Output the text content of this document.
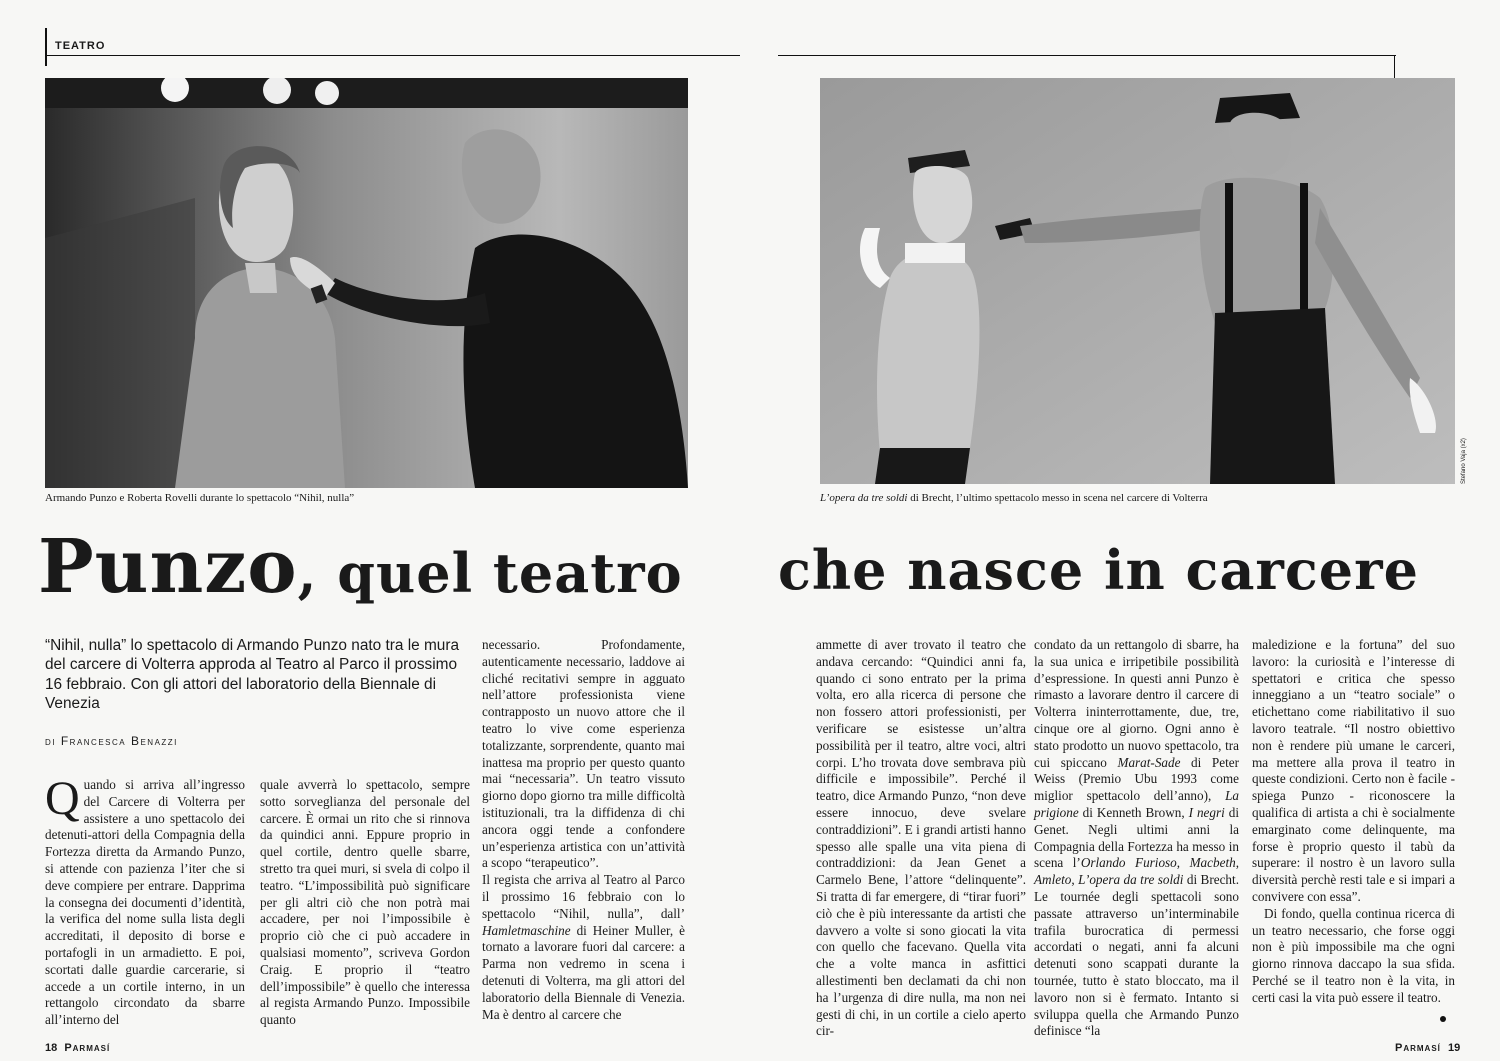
TEATRO
Armando Punzo e Roberta Rovelli durante lo spettacolo “Nihil, nulla”
Stefano Vaja (x2)
L’opera da tre soldi di Brecht, l’ultimo spettacolo messo in scena nel carcere di Volterra
Punzo, quel teatro che nasce in carcere
“Nihil, nulla” lo spettacolo di Armando Punzo nato tra le mura del carcere di Volterra approda al Teatro al Parco il prossimo 16 febbraio. Con gli attori del laboratorio della Biennale di Venezia
di Francesca Benazzi

Quando si arriva all’ingresso del Carcere di Volterra per assistere a uno spettacolo dei detenuti-attori della Compagnia della Fortezza diretta da Armando Punzo, si attende con pazienza l’iter che si deve compiere per entrare. Dapprima la consegna dei documenti d’identità, la verifica del nome sulla lista degli accreditati, il deposito di borse e portafogli in un armadietto. E poi, scortati dalle guardie carcerarie, si accede a un cortile interno, in un rettangolo circondato da sbarre all’interno del

quale avverrà lo spettacolo, sempre sotto sorveglianza del personale del carcere. È ormai un rito che si rinnova da quindici anni. Eppure proprio in quel cortile, dentro quelle sbarre, stretto tra quei muri, si svela di colpo il teatro. “L’impossibilità può significare per gli altri ciò che non potrà mai accadere, per noi l’impossibile è proprio ciò che ci può accadere in qualsiasi momento”, scriveva Gordon Craig. E proprio il “teatro dell’impossibile” è quello che interessa al regista Armando Punzo. Impossibile quanto

necessario. Profondamente, autenticamente necessario, laddove ai cliché recitativi sempre in agguato nell’attore professionista viene contrapposto un nuovo attore che il teatro lo vive come esperienza totalizzante, sorprendente, quanto mai inattesa ma proprio per questo quanto mai “necessaria”. Un teatro vissuto giorno dopo giorno tra mille difficoltà istituzionali, tra la diffidenza di chi ancora oggi tende a confondere un’esperienza artistica con un’attività a scopo “terapeutico”.

Il regista che arriva al Teatro al Parco il prossimo 16 febbraio con lo spettacolo “Nihil, nulla”, dall’ Hamletmaschine di Heiner Muller, è tornato a lavorare fuori dal carcere: a Parma non vedremo in scena i detenuti di Volterra, ma gli attori del laboratorio della Biennale di Venezia. Ma è dentro al carcere che

ammette di aver trovato il teatro che andava cercando: “Quindici anni fa, quando ci sono entrato per la prima volta, ero alla ricerca di persone che non fossero attori professionisti, per verificare se esistesse un’altra possibilità per il teatro, altre voci, altri corpi. L’ho trovata dove sembrava più difficile e impossibile”. Perché il teatro, dice Armando Punzo, “non deve essere innocuo, deve svelare contraddizioni”. E i grandi artisti hanno spesso alle spalle una vita piena di contraddizioni: da Jean Genet a Carmelo Bene, l’attore “delinquente”. Si tratta di far emergere, di “tirar fuori” ciò che è più interessante da artisti che davvero a volte si sono giocati la vita con quello che facevano. Quella vita che a volte manca in asfittici allestimenti ben declamati da chi non ha l’urgenza di dire nulla, ma non nei gesti di chi, in un cortile a cielo aperto cir-

condato da un rettangolo di sbarre, ha la sua unica e irripetibile possibilità d’espressione. In questi anni Punzo è rimasto a lavorare dentro il carcere di Volterra ininterrottamente, due, tre, cinque ore al giorno. Ogni anno è stato prodotto un nuovo spettacolo, tra cui spiccano Marat-Sade di Peter Weiss (Premio Ubu 1993 come miglior spettacolo dell’anno), La prigione di Kenneth Brown, I negri di Genet. Negli ultimi anni la Compagnia della Fortezza ha messo in scena l’Orlando Furioso, Macbeth, Amleto, L’opera da tre soldi di Brecht. Le tournée degli spettacoli sono passate attraverso un’interminabile trafila burocratica di permessi accordati o negati, anni fa alcuni detenuti sono scappati durante la tournée, tutto è stato bloccato, ma il lavoro non si è fermato. Intanto si sviluppa quella che Armando Punzo definisce “la

maledizione e la fortuna” del suo lavoro: la curiosità e l’interesse di spettatori e critica che spesso inneggiano a un “teatro sociale” o etichettano come riabilitativo il suo lavoro teatrale. “Il nostro obiettivo non è rendere più umane le carceri, ma mettere alla prova il teatro in queste condizioni. Certo non è facile - spiega Punzo - riconoscere la qualifica di artista a chi è socialmente emarginato come delinquente, ma forse è proprio questo il tabù da superare: il nostro è un lavoro sulla diversità perchè resti tale e si impari a convivere con essa”.

Di fondo, quella continua ricerca di un teatro necessario, che forse oggi non è più impossibile ma che ogni giorno rinnova daccapo la sua sfida. Perché se il teatro non è la vita, in certi casi la vita può essere il teatro.

18 Parmasí	Parmasí 19
